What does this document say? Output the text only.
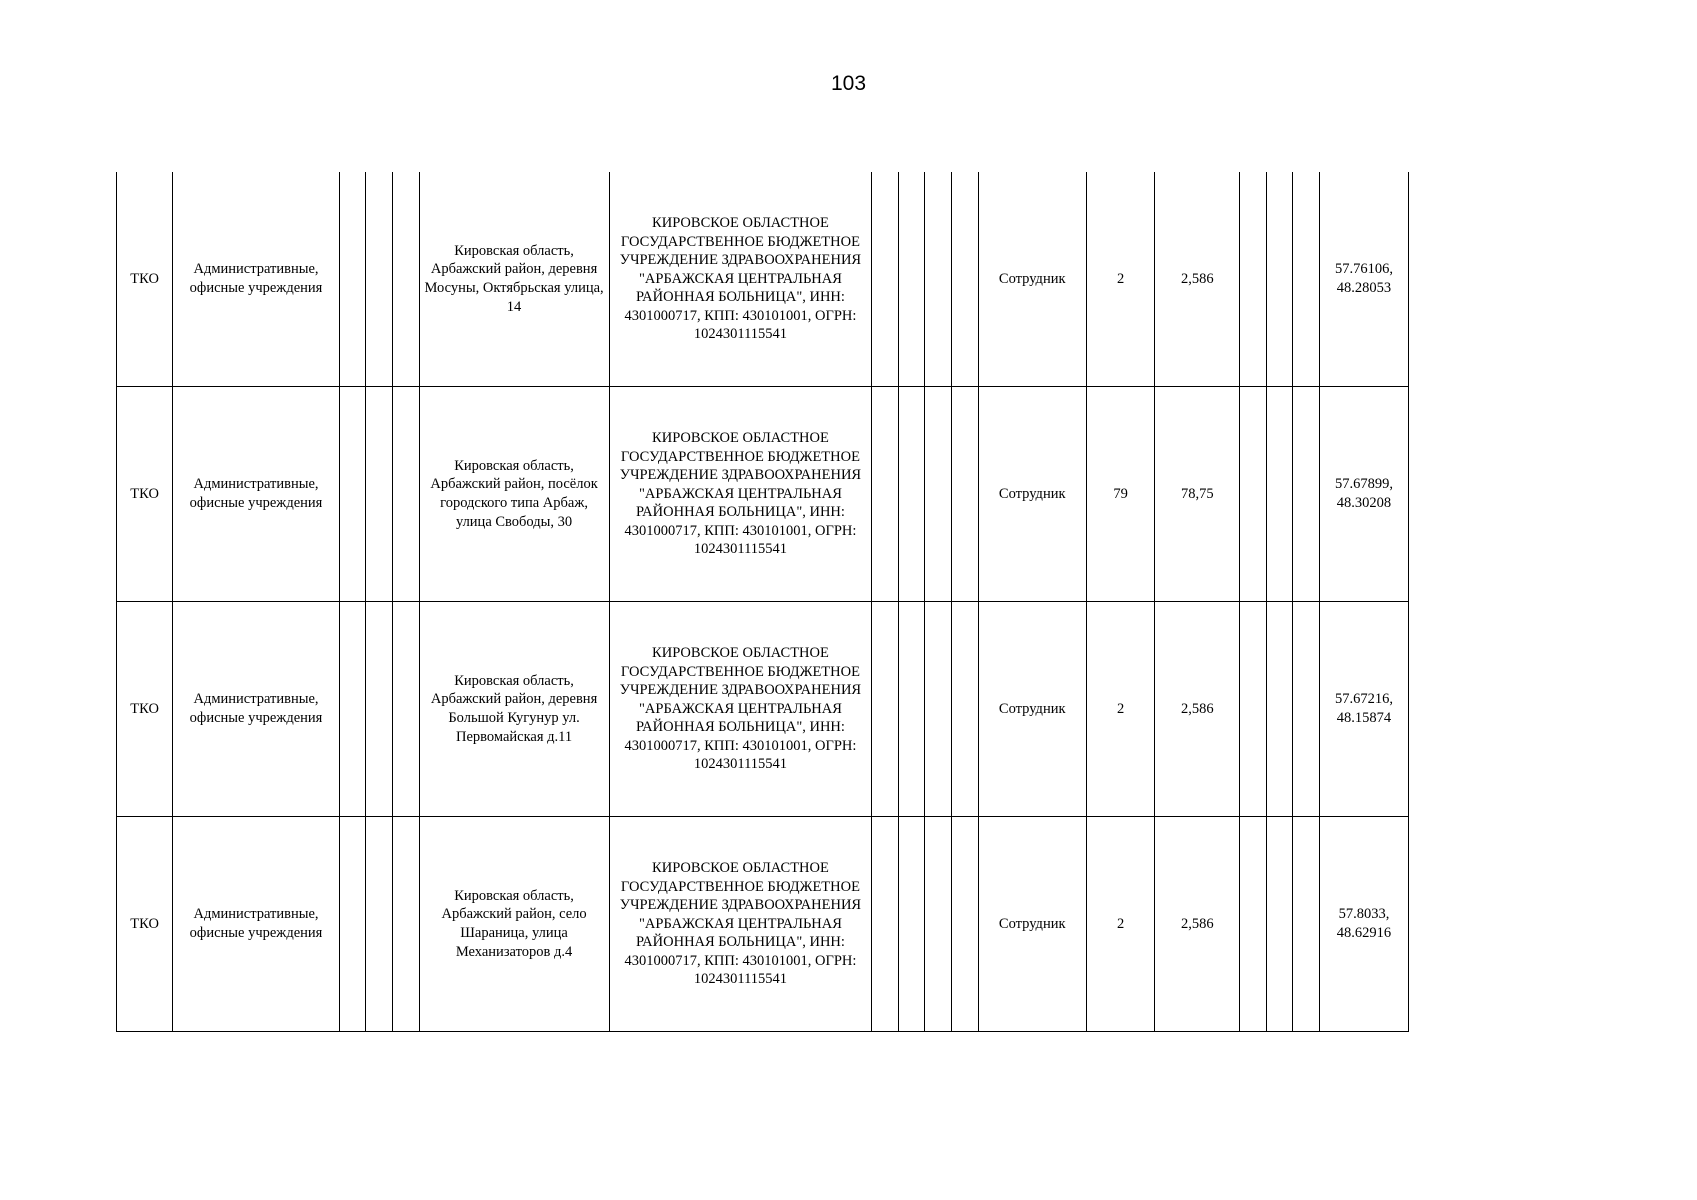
103
ТКО	Административные, офисные учреждения				Кировская область, Арбажский район, деревня Мосуны, Октябрьская улица, 14	КИРОВСКОЕ ОБЛАСТНОЕ ГОСУДАРСТВЕННОЕ БЮДЖЕТНОЕ УЧРЕЖДЕНИЕ ЗДРАВООХРАНЕНИЯ "АРБАЖСКАЯ ЦЕНТРАЛЬНАЯ РАЙОННАЯ БОЛЬНИЦА", ИНН: 4301000717, КПП: 430101001, ОГРН: 1024301115541					Сотрудник	2	2,586				57.76106, 48.28053
ТКО	Административные, офисные учреждения				Кировская область, Арбажский район, посёлок городского типа Арбаж, улица Свободы, 30	КИРОВСКОЕ ОБЛАСТНОЕ ГОСУДАРСТВЕННОЕ БЮДЖЕТНОЕ УЧРЕЖДЕНИЕ ЗДРАВООХРАНЕНИЯ "АРБАЖСКАЯ ЦЕНТРАЛЬНАЯ РАЙОННАЯ БОЛЬНИЦА", ИНН: 4301000717, КПП: 430101001, ОГРН: 1024301115541					Сотрудник	79	78,75				57.67899, 48.30208
ТКО	Административные, офисные учреждения				Кировская область, Арбажский район, деревня Большой Кугунур ул. Первомайская д.11	КИРОВСКОЕ ОБЛАСТНОЕ ГОСУДАРСТВЕННОЕ БЮДЖЕТНОЕ УЧРЕЖДЕНИЕ ЗДРАВООХРАНЕНИЯ "АРБАЖСКАЯ ЦЕНТРАЛЬНАЯ РАЙОННАЯ БОЛЬНИЦА", ИНН: 4301000717, КПП: 430101001, ОГРН: 1024301115541					Сотрудник	2	2,586				57.67216, 48.15874
ТКО	Административные, офисные учреждения				Кировская область, Арбажский район, село Шараница, улица Механизаторов д.4	КИРОВСКОЕ ОБЛАСТНОЕ ГОСУДАРСТВЕННОЕ БЮДЖЕТНОЕ УЧРЕЖДЕНИЕ ЗДРАВООХРАНЕНИЯ "АРБАЖСКАЯ ЦЕНТРАЛЬНАЯ РАЙОННАЯ БОЛЬНИЦА", ИНН: 4301000717, КПП: 430101001, ОГРН: 1024301115541					Сотрудник	2	2,586				57.8033, 48.62916
